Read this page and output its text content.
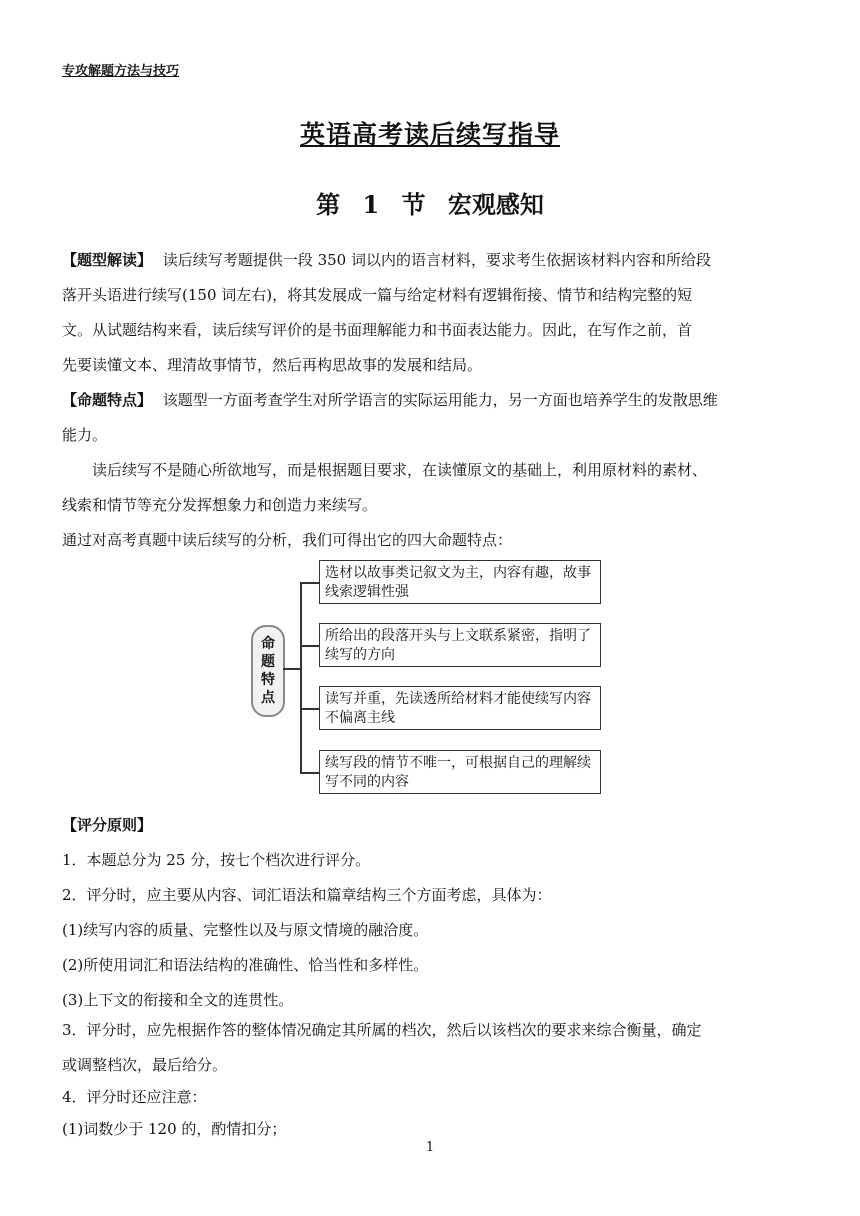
专攻解题方法与技巧
英语高考读后续写指导
第 1 节 宏观感知
【题型解读】 读后续写考题提供一段 350 词以内的语言材料，要求考生依据该材料内容和所给段
落开头语进行续写(150 词左右)，将其发展成一篇与给定材料有逻辑衔接、情节和结构完整的短
文。从试题结构来看，读后续写评价的是书面理解能力和书面表达能力。因此，在写作之前，首
先要读懂文本、理清故事情节，然后再构思故事的发展和结局。
【命题特点】 该题型一方面考查学生对所学语言的实际运用能力，另一方面也培养学生的发散思维
能力。
读后续写不是随心所欲地写，而是根据题目要求，在读懂原文的基础上，利用原材料的素材、
线索和情节等充分发挥想象力和创造力来续写。
通过对高考真题中读后续写的分析，我们可得出它的四大命题特点：
命
题
特
点
选材以故事类记叙文为主，内容有趣，故事线索逻辑性强
所给出的段落开头与上文联系紧密，指明了续写的方向
读写并重，先读透所给材料才能使续写内容不偏离主线
续写段的情节不唯一，可根据自己的理解续写不同的内容
【评分原则】
1．本题总分为 25 分，按七个档次进行评分。
2．评分时，应主要从内容、词汇语法和篇章结构三个方面考虑，具体为：
(1)续写内容的质量、完整性以及与原文情境的融洽度。
(2)所使用词汇和语法结构的准确性、恰当性和多样性。
(3)上下文的衔接和全文的连贯性。
3．评分时，应先根据作答的整体情况确定其所属的档次，然后以该档次的要求来综合衡量，确定
或调整档次，最后给分。
4．评分时还应注意：
(1)词数少于 120 的，酌情扣分；
1
